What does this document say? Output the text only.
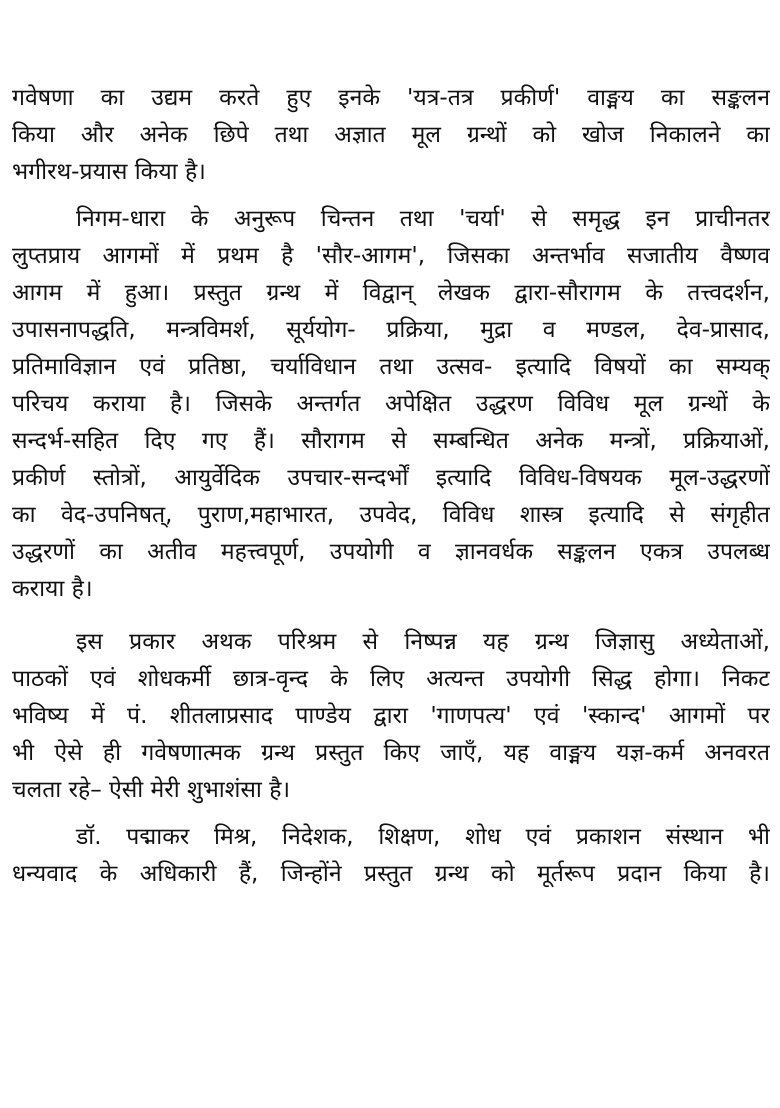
गवेषणा का उद्यम करते हुए इनके 'यत्र-तत्र प्रकीर्ण' वाङ्मय का सङ्कलन
किया और अनेक छिपे तथा अज्ञात मूल ग्रन्थों को खोज निकालने का
भगीरथ-प्रयास किया है।
निगम-धारा के अनुरूप चिन्तन तथा 'चर्या' से समृद्ध इन प्राचीनतर
लुप्तप्राय आगमों में प्रथम है 'सौर-आगम', जिसका अन्तर्भाव सजातीय वैष्णव
आगम में हुआ। प्रस्तुत ग्रन्थ में विद्वान् लेखक द्वारा-सौरागम के तत्त्वदर्शन,
उपासनापद्धति, मन्त्रविमर्श, सूर्ययोग- प्रक्रिया, मुद्रा व मण्डल, देव-प्रासाद,
प्रतिमाविज्ञान एवं प्रतिष्ठा, चर्याविधान तथा उत्सव- इत्यादि विषयों का सम्यक्
परिचय कराया है। जिसके अन्तर्गत अपेक्षित उद्धरण विविध मूल ग्रन्थों के
सन्दर्भ-सहित दिए गए हैं। सौरागम से सम्बन्धित अनेक मन्त्रों, प्रक्रियाओं,
प्रकीर्ण स्तोत्रों, आयुर्वेदिक उपचार-सन्दर्भों इत्यादि विविध-विषयक मूल-उद्धरणों
का वेद-उपनिषत्, पुराण,महाभारत, उपवेद, विविध शास्त्र इत्यादि से संगृहीत
उद्धरणों का अतीव महत्त्वपूर्ण, उपयोगी व ज्ञानवर्धक सङ्कलन एकत्र उपलब्ध
कराया है।
इस प्रकार अथक परिश्रम से निष्पन्न यह ग्रन्थ जिज्ञासु अध्येताओं,
पाठकों एवं शोधकर्मी छात्र-वृन्द के लिए अत्यन्त उपयोगी सिद्ध होगा। निकट
भविष्य में पं. शीतलाप्रसाद पाण्डेय द्वारा 'गाणपत्य' एवं 'स्कान्द' आगमों पर
भी ऐसे ही गवेषणात्मक ग्रन्थ प्रस्तुत किए जाएँ, यह वाङ्मय यज्ञ-कर्म अनवरत
चलता रहे– ऐसी मेरी शुभाशंसा है।
डॉ. पद्माकर मिश्र, निदेशक, शिक्षण, शोध एवं प्रकाशन संस्थान भी
धन्यवाद के अधिकारी हैं, जिन्होंने प्रस्तुत ग्रन्थ को मूर्तरूप प्रदान किया है।
